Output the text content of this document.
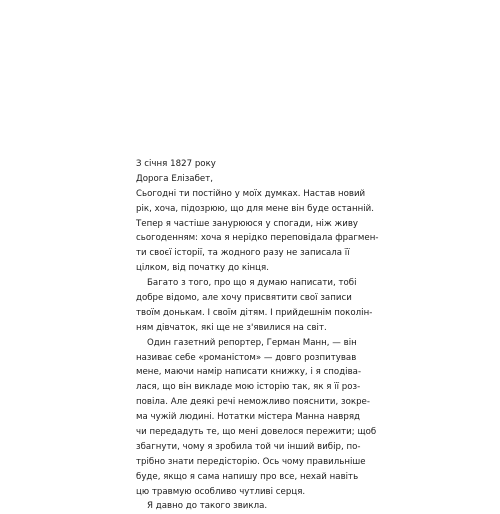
З січня 1827 року
Дорога Елізабет,
Сьогодні ти постійно у моїх думках. Настав новий
рік, хоча, підозрюю, що для мене він буде останній.
Тепер я частіше занурююся у спогади, ніж живу
сьогоденням: хоча я нерідко переповідала фрагмен-
ти своєї історії, та жодного разу не записала її
цілком, від початку до кінця.
Багато з того, про що я думаю написати, тобі
добре відомо, але хочу присвятити свої записи
твоїм донькам. І своїм дітям. І прийдешнім поколін-
ням дівчаток, які ще не з'явилися на світ.
Один газетний репортер, Герман Манн, — він
називає себе «романістом» — довго розпитував
мене, маючи намір написати книжку, і я сподіва-
лася, що він викладе мою історію так, як я її роз-
повіла. Але деякі речі неможливо пояснити, зокре-
ма чужій людині. Нотатки містера Манна навряд
чи передадуть те, що мені довелося пережити; щоб
збагнути, чому я зробила той чи інший вибір, по-
трібно знати передісторію. Ось чому правильніше
буде, якщо я сама напишу про все, нехай навіть
цю травмую особливо чутливі серця.
Я давно до такого звикла.
